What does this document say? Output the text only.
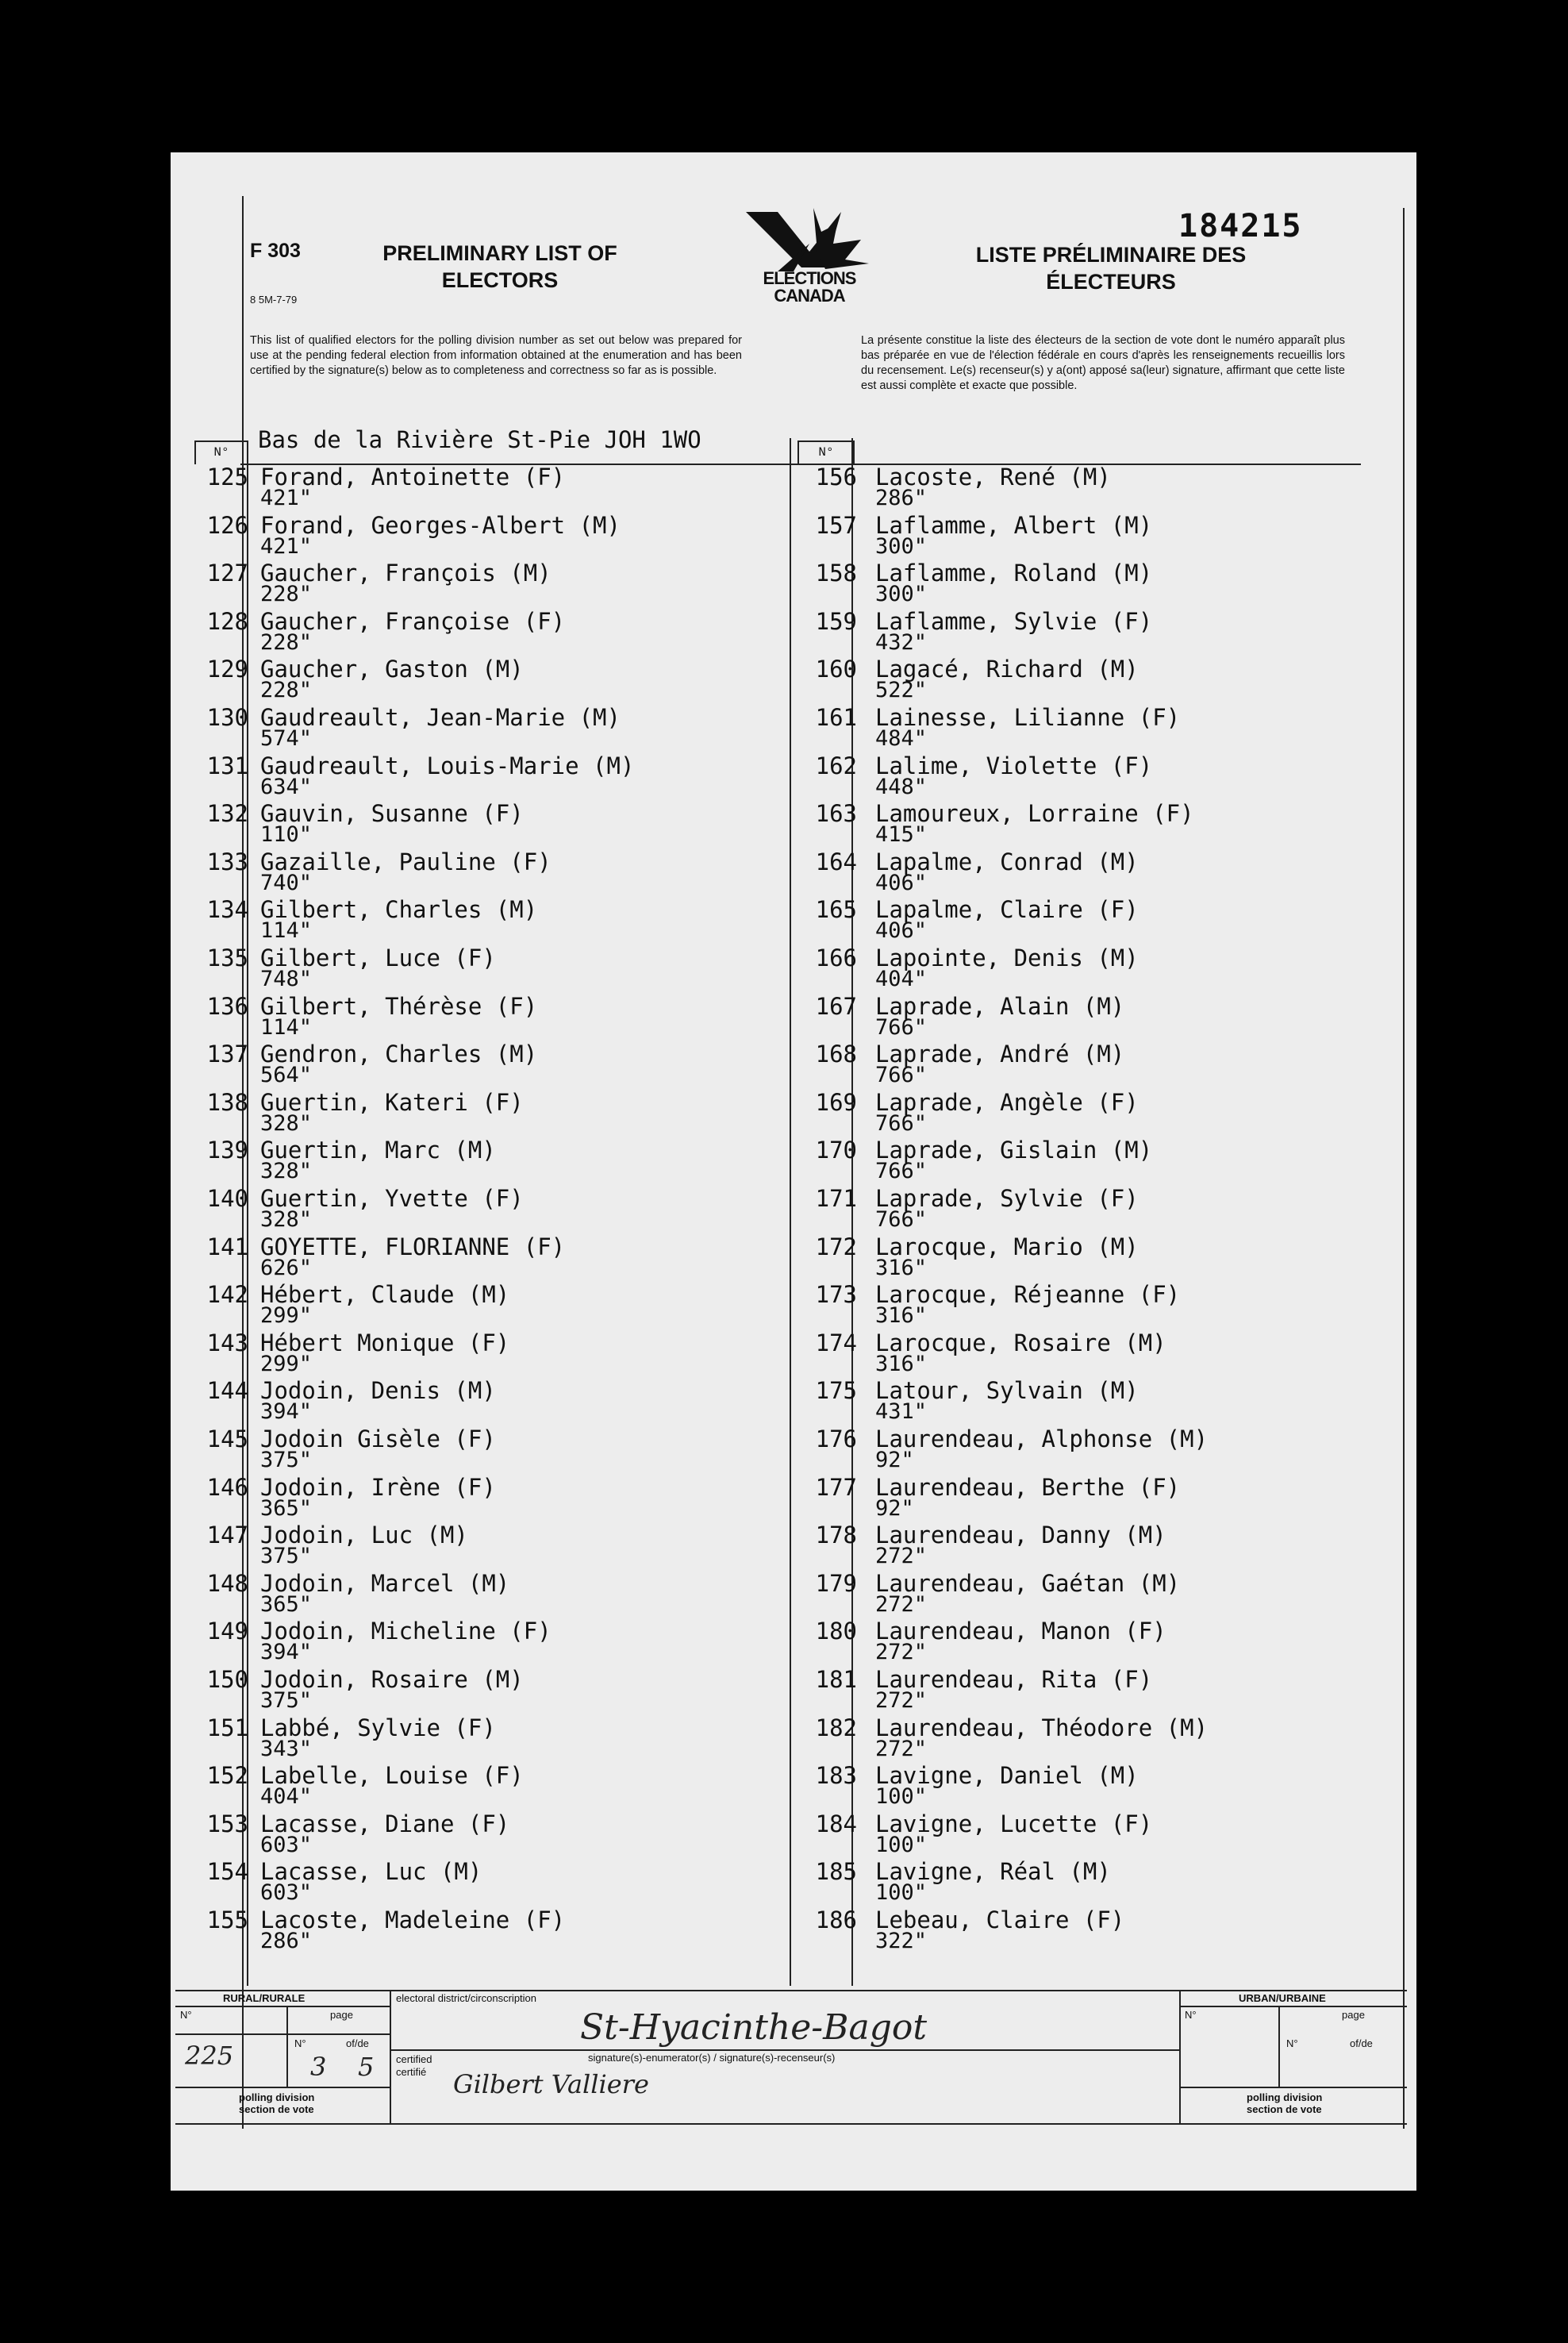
F 303
8 5M-7-79
PRELIMINARY LIST OF
ELECTORS	ELECTIONS
CANADA
184215
LISTE PRÉLIMINAIRE DES
ÉLECTEURS
This list of qualified electors for the polling division number as set out below was prepared for use at the pending federal election from information obtained at the enumeration and has been certified by the signature(s) below as to completeness and correctness so far as is possible.
La présente constitue la liste des électeurs de la section de vote dont le numéro apparaît plus bas préparée en vue de l'élection fédérale en cours d'après les renseignements recueillis lors du recensement. Le(s) recenseur(s) y a(ont) apposé sa(leur) signature, affirmant que cette liste est aussi complète et exacte que possible.
N°	N°
Bas de la Rivière St-Pie JOH 1WO
125 Forand, Antoinette (F)
421"
126 Forand, Georges-Albert (M)
421"
127 Gaucher, François (M)
228"
128 Gaucher, Françoise (F)
228"
129 Gaucher, Gaston (M)
228"
130 Gaudreault, Jean-Marie (M)
574"
131 Gaudreault, Louis-Marie (M)
634"
132 Gauvin, Susanne (F)
110"
133 Gazaille, Pauline (F)
740"
134 Gilbert, Charles (M)
114"
135 Gilbert, Luce (F)
748"
136 Gilbert, Thérèse (F)
114"
137 Gendron, Charles (M)
564"
138 Guertin, Kateri (F)
328"
139 Guertin, Marc (M)
328"
140 Guertin, Yvette (F)
328"
141 GOYETTE, FLORIANNE (F)
626"
142 Hébert, Claude (M)
299"
143 Hébert Monique (F)
299"
144 Jodoin, Denis (M)
394"
145 Jodoin Gisèle (F)
375"
146 Jodoin, Irène (F)
365"
147 Jodoin, Luc (M)
375"
148 Jodoin, Marcel (M)
365"
149 Jodoin, Micheline (F)
394"
150 Jodoin, Rosaire (M)
375"
151 Labbé, Sylvie (F)
343"
152 Labelle, Louise (F)
404"
153 Lacasse, Diane (F)
603"
154 Lacasse, Luc (M)
603"
155 Lacoste, Madeleine (F)
286"
156 Lacoste, René (M)
286"
157 Laflamme, Albert (M)
300"
158 Laflamme, Roland (M)
300"
159 Laflamme, Sylvie (F)
432"
160 Lagacé, Richard (M)
522"
161 Lainesse, Lilianne (F)
484"
162 Lalime, Violette (F)
448"
163 Lamoureux, Lorraine (F)
415"
164 Lapalme, Conrad (M)
406"
165 Lapalme, Claire (F)
406"
166 Lapointe, Denis (M)
404"
167 Laprade, Alain (M)
766"
168 Laprade, André (M)
766"
169 Laprade, Angèle (F)
766"
170 Laprade, Gislain (M)
766"
171 Laprade, Sylvie (F)
766"
172 Larocque, Mario (M)
316"
173 Larocque, Réjeanne (F)
316"
174 Larocque, Rosaire (M)
316"
175 Latour, Sylvain (M)
431"
176 Laurendeau, Alphonse (M)
92"
177 Laurendeau, Berthe (F)
92"
178 Laurendeau, Danny (M)
272"
179 Laurendeau, Gaétan (M)
272"
180 Laurendeau, Manon (F)
272"
181 Laurendeau, Rita (F)
272"
182 Laurendeau, Théodore (M)
272"
183 Lavigne, Daniel (M)
100"
184 Lavigne, Lucette (F)
100"
185 Lavigne, Réal (M)
100"
186 Lebeau, Claire (F)
322"
RURAL/RURALE	URBAN/URBAINE
N°	page
N°	of/de
N°	page
N°	of/de
electoral district/circonscription
certified
certifié
signature(s)-enumerator(s) / signature(s)-recenseur(s)
polling division
section de vote
polling division
section de vote
St-Hyacinthe-Bagot
225	3 5
Gilbert Valliere
